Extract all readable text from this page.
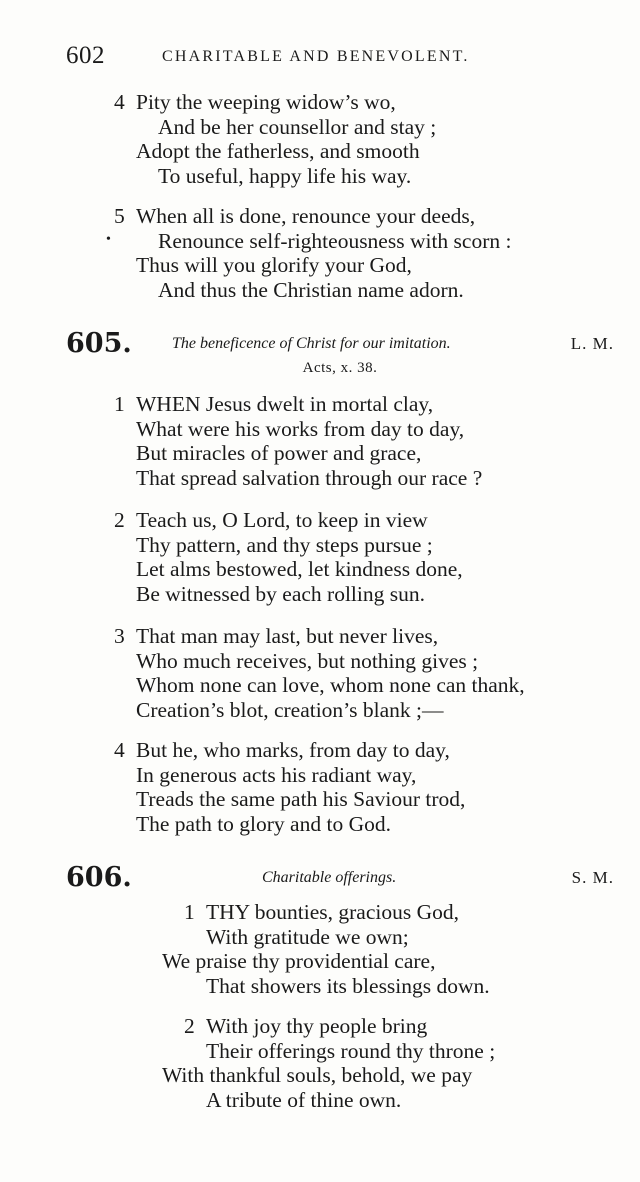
602	CHARITABLE AND BENEVOLENT.
4 Pity the weeping widow’s wo,
And be her counsellor and stay ;
Adopt the fatherless, and smooth
To useful, happy life his way.
5 When all is done, renounce your deeds,
Renounce self-righteousness with scorn :
Thus will you glorify your God,
And thus the Christian name adorn.
•
605.	The beneficence of Christ for our imitation.	L. M.
Acts, x. 38.
1 WHEN Jesus dwelt in mortal clay,
What were his works from day to day,
But miracles of power and grace,
That spread salvation through our race ?
2 Teach us, O Lord, to keep in view
Thy pattern, and thy steps pursue ;
Let alms bestowed, let kindness done,
Be witnessed by each rolling sun.
3 That man may last, but never lives,
Who much receives, but nothing gives ;
Whom none can love, whom none can thank,
Creation’s blot, creation’s blank ;—
4 But he, who marks, from day to day,
In generous acts his radiant way,
Treads the same path his Saviour trod,
The path to glory and to God.
606.	Charitable offerings.	S. M.
1 THY bounties, gracious God,
With gratitude we own;
We praise thy providential care,
That showers its blessings down.
2 With joy thy people bring
Their offerings round thy throne ;
With thankful souls, behold, we pay
A tribute of thine own.
